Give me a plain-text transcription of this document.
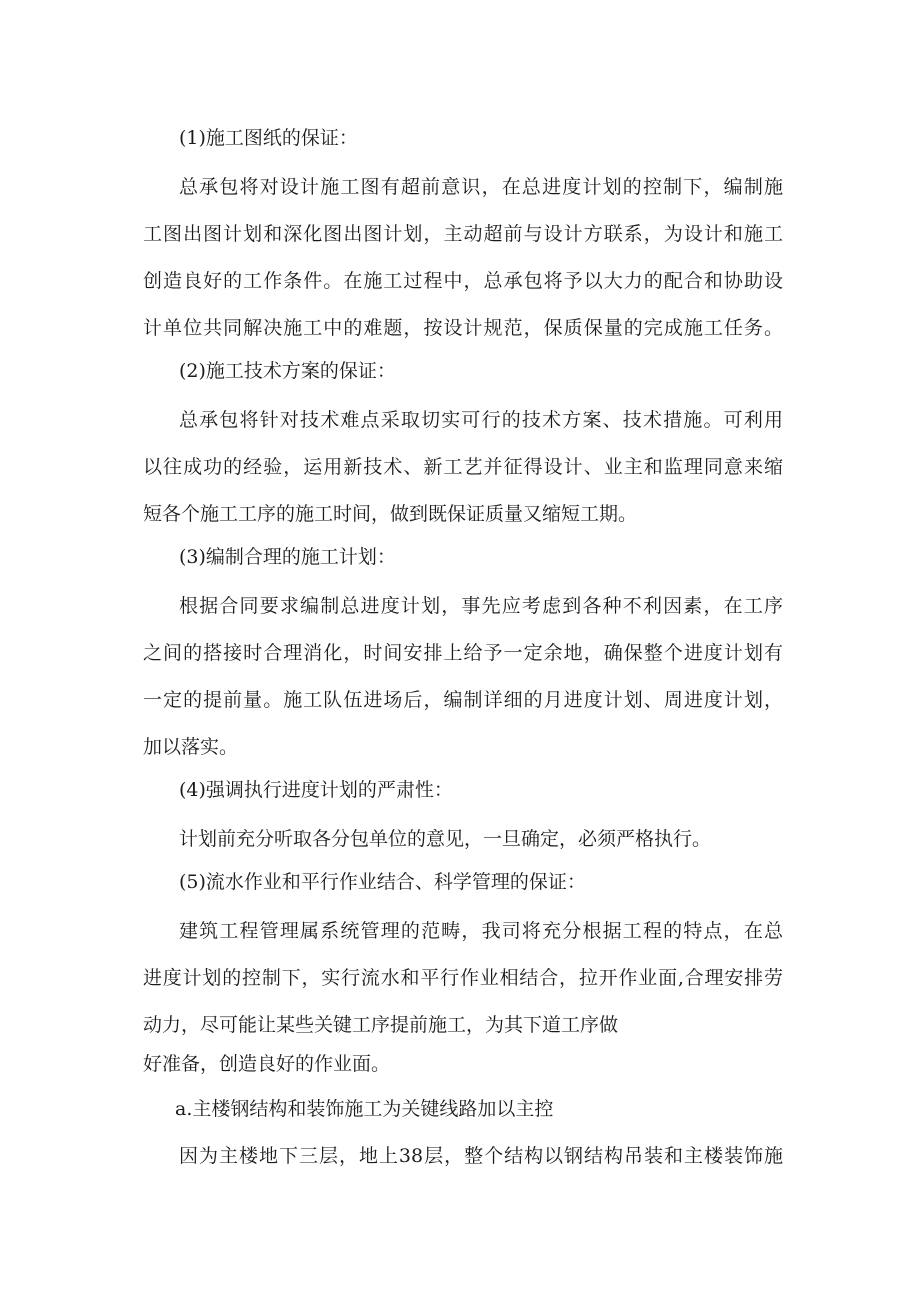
(1)施工图纸的保证：
总承包将对设计施工图有超前意识，在总进度计划的控制下，编制施
工图出图计划和深化图出图计划，主动超前与设计方联系，为设计和施工
创造良好的工作条件。在施工过程中，总承包将予以大力的配合和协助设
计单位共同解决施工中的难题，按设计规范，保质保量的完成施工任务。
(2)施工技术方案的保证：
总承包将针对技术难点采取切实可行的技术方案、技术措施。可利用
以往成功的经验，运用新技术、新工艺并征得设计、业主和监理同意来缩
短各个施工工序的施工时间，做到既保证质量又缩短工期。
(3)编制合理的施工计划：
根据合同要求编制总进度计划，事先应考虑到各种不利因素，在工序
之间的搭接时合理消化，时间安排上给予一定余地，确保整个进度计划有
一定的提前量。施工队伍进场后，编制详细的月进度计划、周进度计划，
加以落实。
(4)强调执行进度计划的严肃性：
计划前充分听取各分包单位的意见，一旦确定，必须严格执行。
(5)流水作业和平行作业结合、科学管理的保证：
建筑工程管理属系统管理的范畴，我司将充分根据工程的特点，在总
进度计划的控制下，实行流水和平行作业相结合，拉开作业面,合理安排劳
动力，尽可能让某些关键工序提前施工，为其下道工序做
好准备，创造良好的作业面。
a.主楼钢结构和装饰施工为关键线路加以主控
因为主楼地下三层，地上38层，整个结构以钢结构吊装和主楼装饰施
